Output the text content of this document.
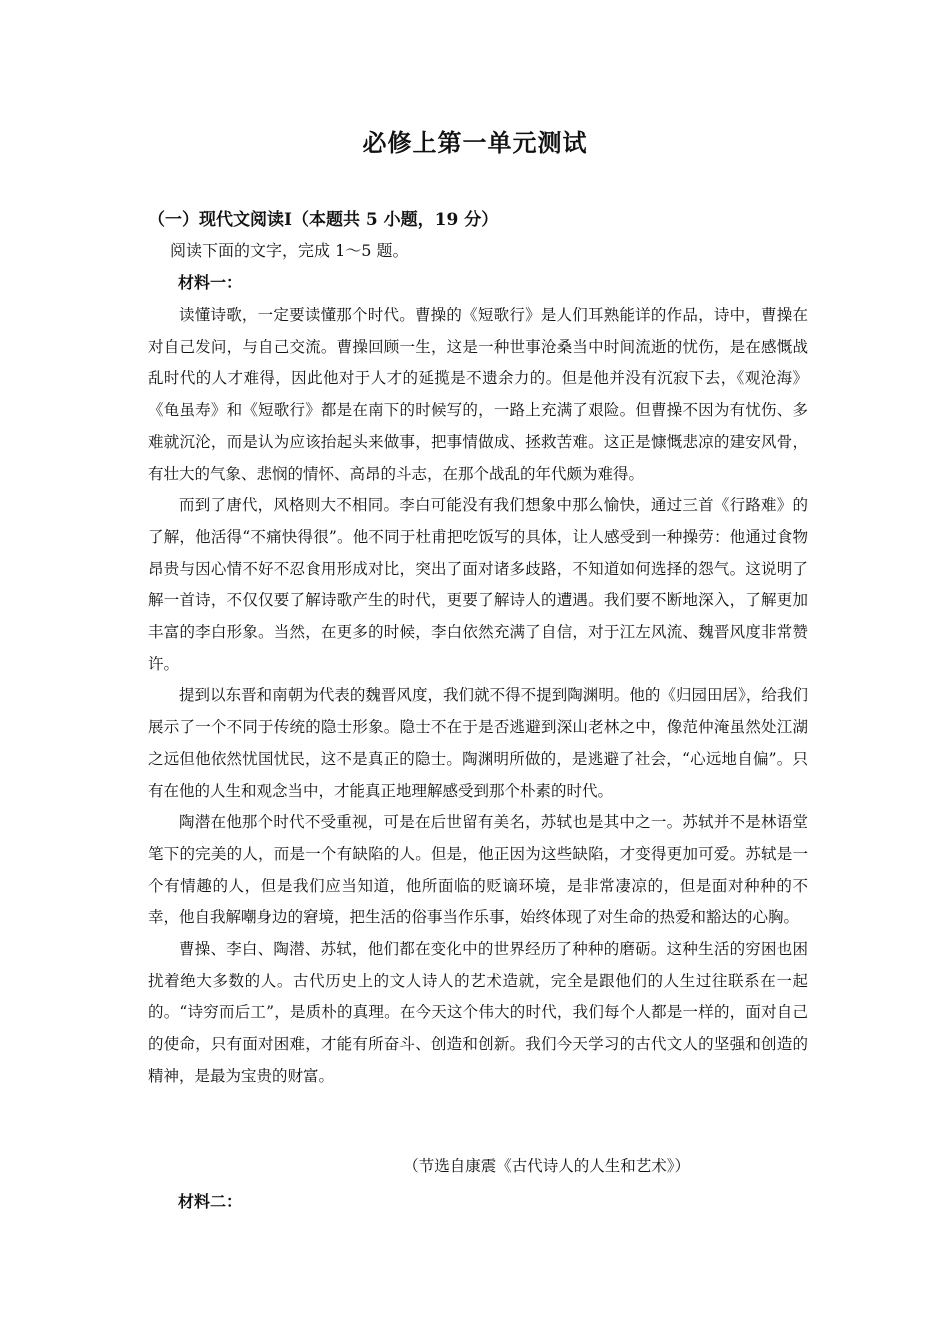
必修上第一单元测试
（一）现代文阅读Ⅰ（本题共 5 小题，19 分）
阅读下面的文字，完成 1～5 题。
材料一：

读懂诗歌，一定要读懂那个时代。曹操的《短歌行》是人们耳熟能详的作品，诗中，曹操在对自己发问，与自己交流。曹操回顾一生，这是一种世事沧桑当中时间流逝的忧伤，是在感慨战乱时代的人才难得，因此他对于人才的延揽是不遗余力的。但是他并没有沉寂下去，《观沧海》《龟虽寿》和《短歌行》都是在南下的时候写的，一路上充满了艰险。但曹操不因为有忧伤、多难就沉沦，而是认为应该抬起头来做事，把事情做成、拯救苦难。这正是慷慨悲凉的建安风骨，有壮大的气象、悲悯的情怀、高昂的斗志，在那个战乱的年代颇为难得。

而到了唐代，风格则大不相同。李白可能没有我们想象中那么愉快，通过三首《行路难》的了解，他活得“不痛快得很”。他不同于杜甫把吃饭写的具体，让人感受到一种操劳：他通过食物昂贵与因心情不好不忍食用形成对比，突出了面对诸多歧路，不知道如何选择的怨气。这说明了解一首诗，不仅仅要了解诗歌产生的时代，更要了解诗人的遭遇。我们要不断地深入，了解更加丰富的李白形象。当然，在更多的时候，李白依然充满了自信，对于江左风流、魏晋风度非常赞许。

提到以东晋和南朝为代表的魏晋风度，我们就不得不提到陶渊明。他的《归园田居》，给我们展示了一个不同于传统的隐士形象。隐士不在于是否逃避到深山老林之中，像范仲淹虽然处江湖之远但他依然忧国忧民，这不是真正的隐士。陶渊明所做的，是逃避了社会，“心远地自偏”。只有在他的人生和观念当中，才能真正地理解感受到那个朴素的时代。

陶潜在他那个时代不受重视，可是在后世留有美名，苏轼也是其中之一。苏轼并不是林语堂笔下的完美的人，而是一个有缺陷的人。但是，他正因为这些缺陷，才变得更加可爱。苏轼是一个有情趣的人，但是我们应当知道，他所面临的贬谪环境，是非常凄凉的，但是面对种种的不幸，他自我解嘲身边的窘境，把生活的俗事当作乐事，始终体现了对生命的热爱和豁达的心胸。

曹操、李白、陶潜、苏轼，他们都在变化中的世界经历了种种的磨砺。这种生活的穷困也困扰着绝大多数的人。古代历史上的文人诗人的艺术造就，完全是跟他们的人生过往联系在一起的。“诗穷而后工”，是质朴的真理。在今天这个伟大的时代，我们每个人都是一样的，面对自己的使命，只有面对困难，才能有所奋斗、创造和创新。我们今天学习的古代文人的坚强和创造的精神，是最为宝贵的财富。

（节选自康震《古代诗人的人生和艺术》）
材料二：
